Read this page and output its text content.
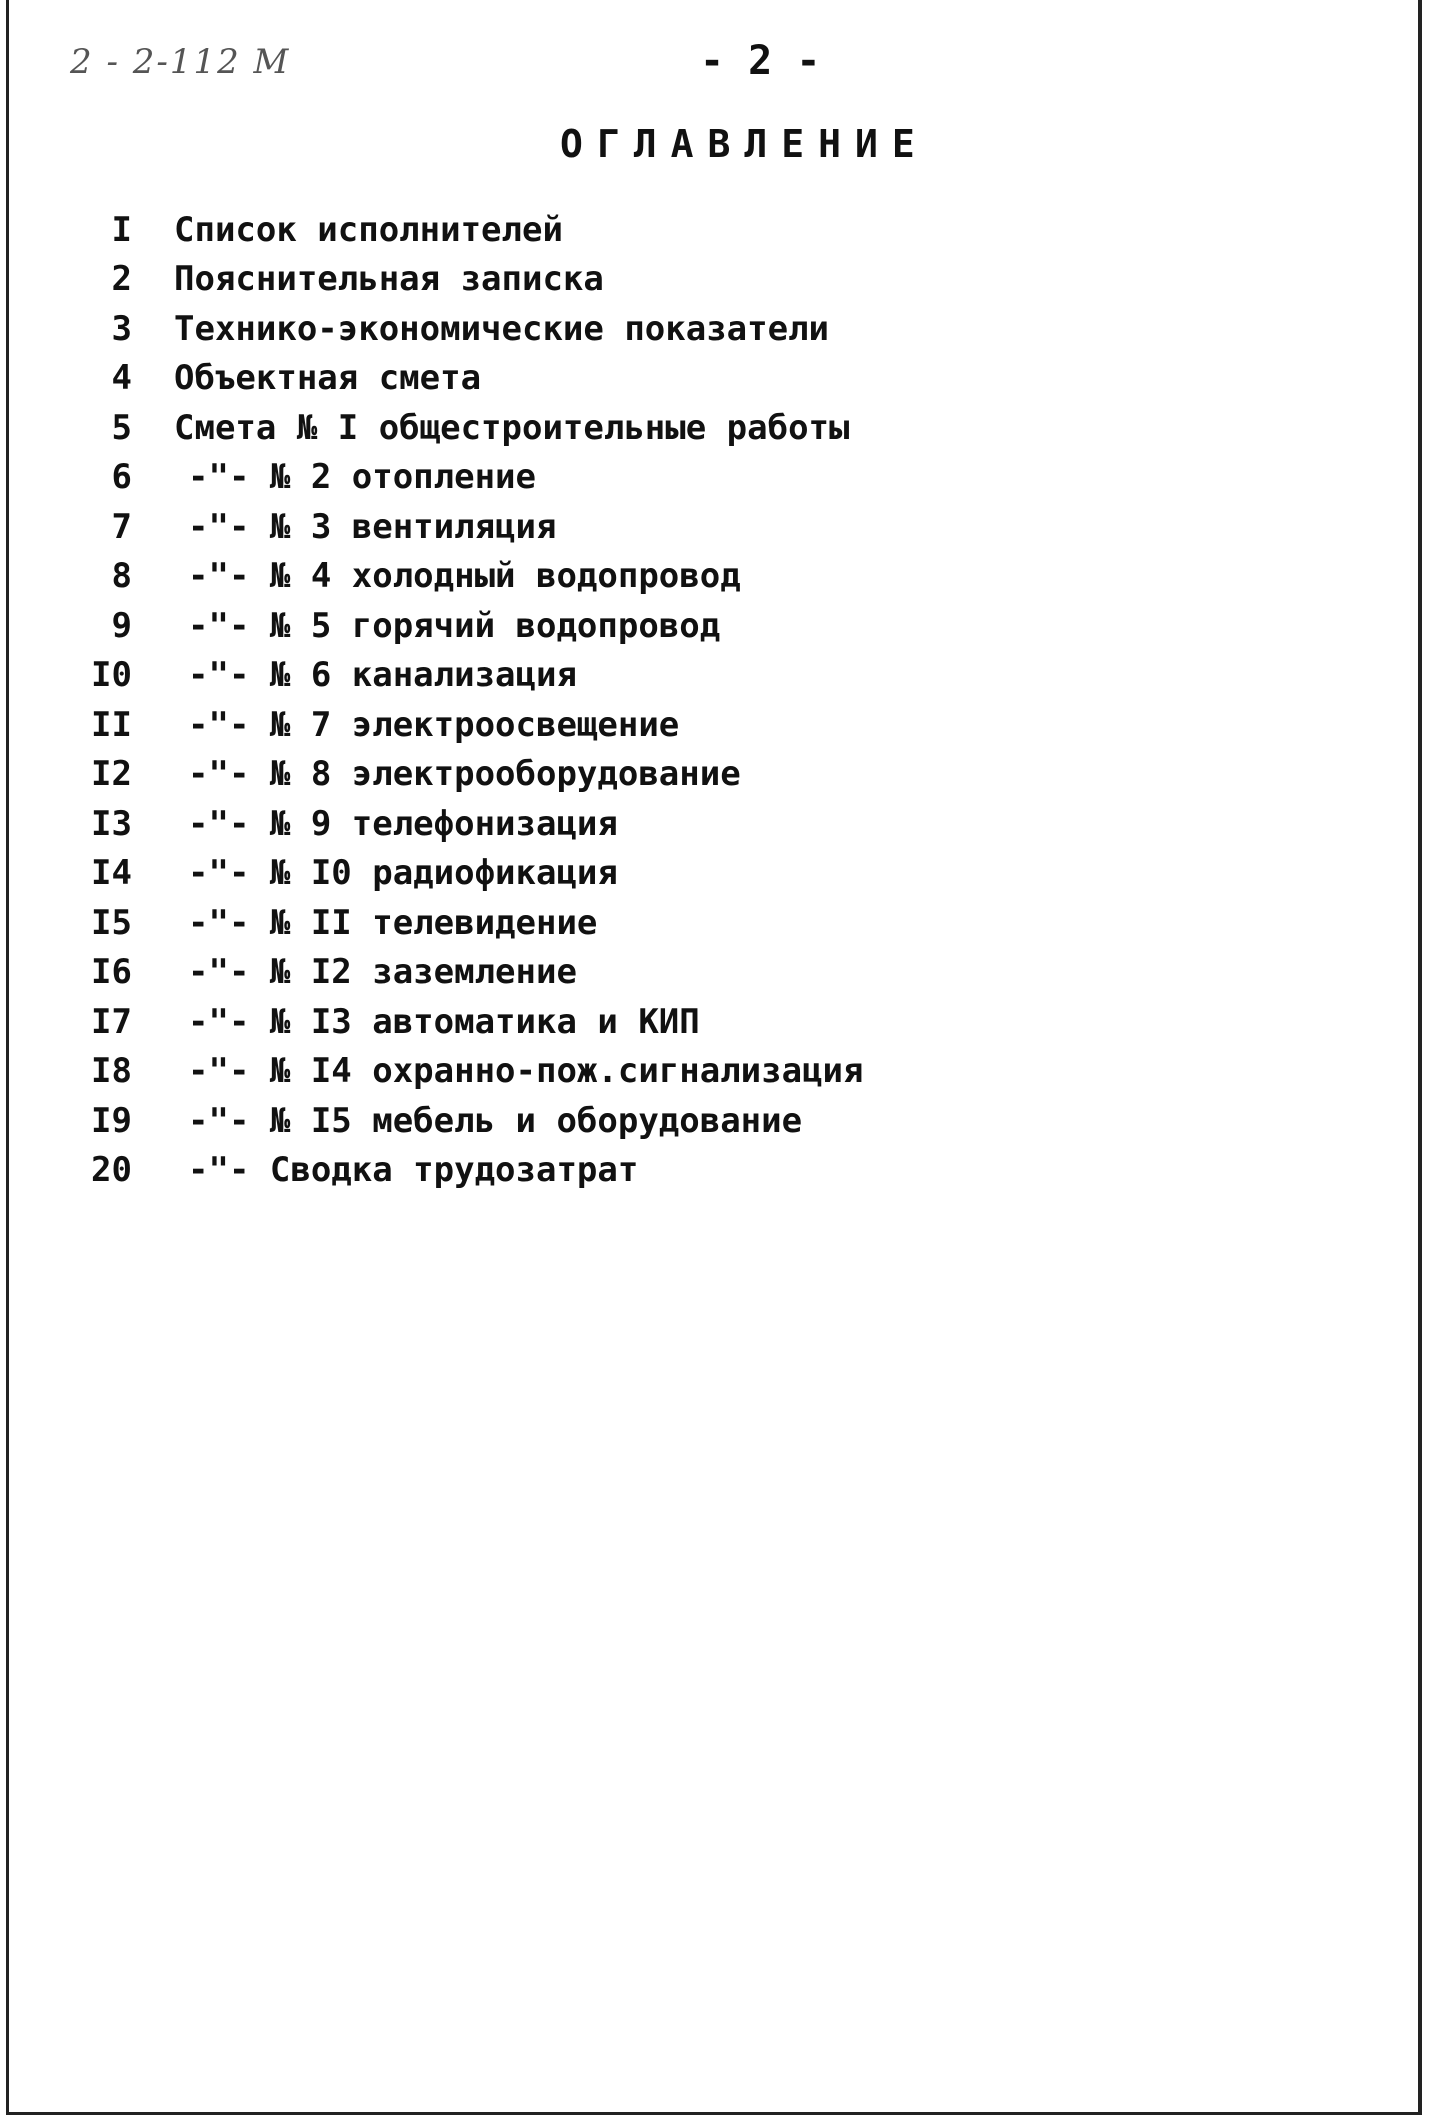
2 - 2-112 M	- 2 -
ОГЛАВЛЕНИЕ
I Список исполнителей
2 Пояснительная записка
3 Технико-экономические показатели
4 Объектная смета
5 Смета № I общестроительные работы
6	-"- № 2 отопление
7	-"- № 3 вентиляция
8	-"- № 4 холодный водопровод
9	-"- № 5 горячий водопровод
I0	-"- № 6 канализация
II	-"- № 7 электроосвещение
I2	-"- № 8 электрооборудование
I3	-"- № 9 телефонизация
I4	-"- № I0 радиофикация
I5	-"- № II телевидение
I6	-"- № I2 заземление
I7	-"- № I3 автоматика и КИП
I8	-"- № I4 охранно-пож.сигнализация
I9	-"- № I5 мебель и оборудование
20	-"- Сводка трудозатрат
